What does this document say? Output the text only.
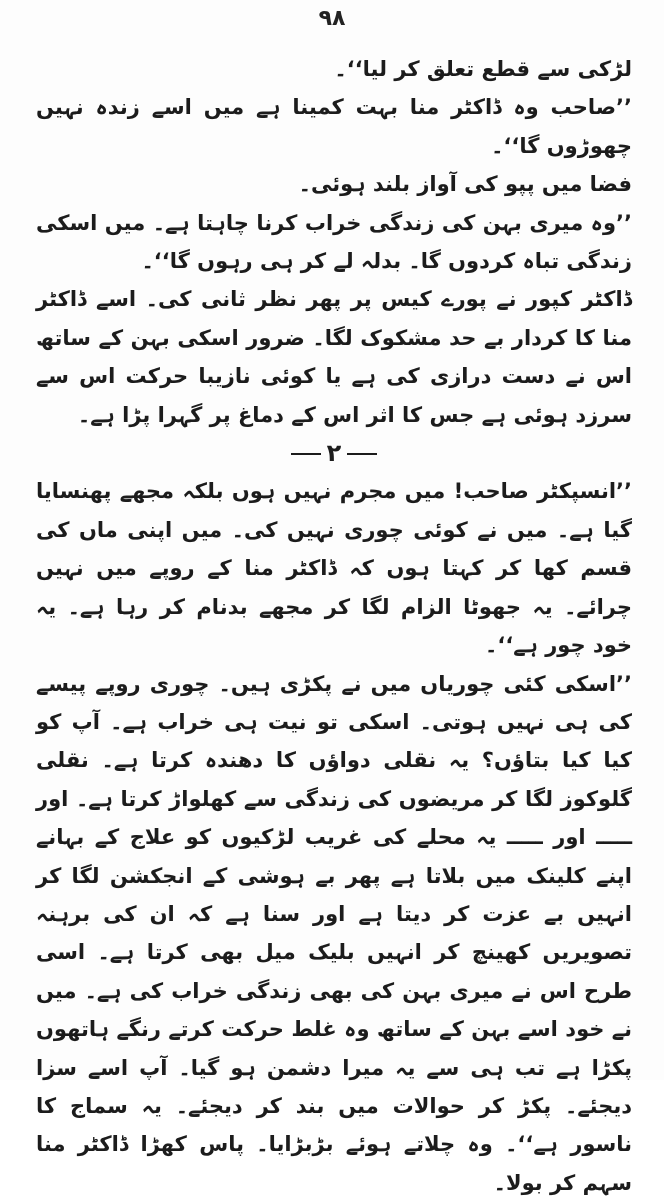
۹۸

لڑکی سے قطع تعلق کر لیا‘‘۔

’’صاحب وہ ڈاکٹر منا بہت کمینا ہے میں اسے زندہ نہیں چھوڑوں گا‘‘۔

فضا میں پپو کی آواز بلند ہوئی۔

’’وہ میری بہن کی زندگی خراب کرنا چاہتا ہے۔ میں اسکی زندگی تباہ کردوں گا۔ بدلہ لے کر ہی رہوں گا‘‘۔

ڈاکٹر کپور نے پورے کیس پر پھر نظر ثانی کی۔ اسے ڈاکٹر منا کا کردار بے حد مشکوک لگا۔ ضرور اسکی بہن کے ساتھ اس نے دست درازی کی ہے یا کوئی نازیبا حرکت اس سے سرزد ہوئی ہے جس کا اثر اس کے دماغ پر گہرا پڑا ہے۔

۲

’’انسپکٹر صاحب! میں مجرم نہیں ہوں بلکہ مجھے پھنسایا گیا ہے۔ میں نے کوئی چوری نہیں کی۔ میں اپنی ماں کی قسم کھا کر کہتا ہوں کہ ڈاکٹر منا کے روپے میں نہیں چرائے۔ یہ جھوٹا الزام لگا کر مجھے بدنام کر رہا ہے۔ یہ خود چور ہے‘‘۔

’’اسکی کئی چوریاں میں نے پکڑی ہیں۔ چوری روپے پیسے کی ہی نہیں ہوتی۔ اسکی تو نیت ہی خراب ہے۔ آپ کو کیا کیا بتاؤں؟ یہ نقلی دواؤں کا دھندہ کرتا ہے۔ نقلی گلوکوز لگا کر مریضوں کی زندگی سے کھلواڑ کرتا ہے۔ اور ـــــ اور ـــــ یہ محلے کی غریب لڑکیوں کو علاج کے بہانے اپنے کلینک میں بلاتا ہے پھر بے ہوشی کے انجکشن لگا کر انہیں بے عزت کر دیتا ہے اور سنا ہے کہ ان کی برہنہ تصویریں کھینچ کر انہیں بلیک میل بھی کرتا ہے۔ اسی طرح اس نے میری بہن کی بھی زندگی خراب کی ہے۔ میں نے خود اسے بہن کے ساتھ وہ غلط حرکت کرتے رنگے ہاتھوں پکڑا ہے تب ہی سے یہ میرا دشمن ہو گیا۔ آپ اسے سزا دیجئے۔ پکڑ کر حوالات میں بند کر دیجئے۔ یہ سماج کا ناسور ہے‘‘۔ وہ چلاتے ہوئے بڑبڑایا۔ پاس کھڑا ڈاکٹر منا سہم کر بولا۔
